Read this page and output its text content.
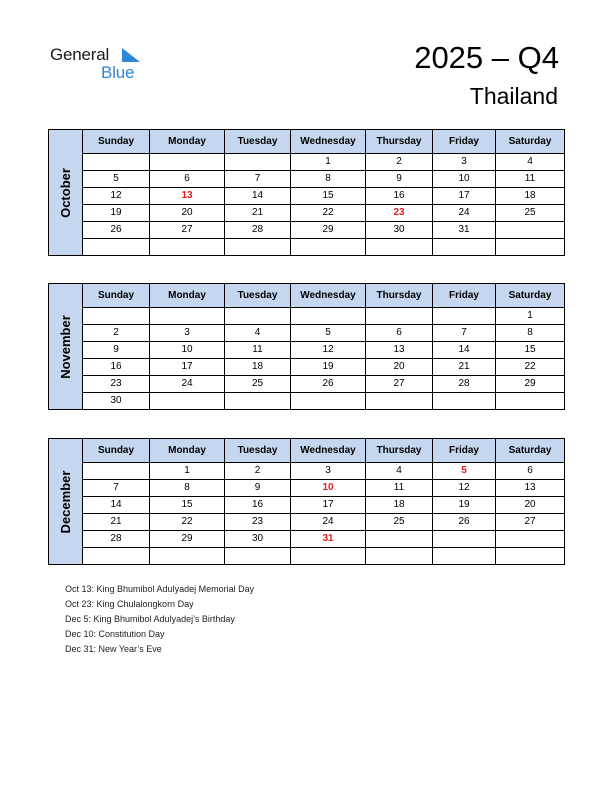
General
Blue	2025 – Q4
Thailand
October	Sunday	Monday	Tuesday	Wednesday	Thursday	Friday	Saturday
				1	2	3	4
	5	6	7	8	9	10	11
	12	13	14	15	16	17	18
	19	20	21	22	23	24	25
	26	27	28	29	30	31	

November	Sunday	Monday	Tuesday	Wednesday	Thursday	Friday	Saturday
							1
	2	3	4	5	6	7	8
	9	10	11	12	13	14	15
	16	17	18	19	20	21	22
	23	24	25	26	27	28	29
	30						
December	Sunday	Monday	Tuesday	Wednesday	Thursday	Friday	Saturday
		1	2	3	4	5	6
	7	8	9	10	11	12	13
	14	15	16	17	18	19	20
	21	22	23	24	25	26	27
	28	29	30	31			

Oct 13: King Bhumibol Adulyadej Memorial Day
Oct 23: King Chulalongkorn Day
Dec 5: King Bhumibol Adulyadej’s Birthday
Dec 10: Constitution Day
Dec 31: New Year’s Eve
